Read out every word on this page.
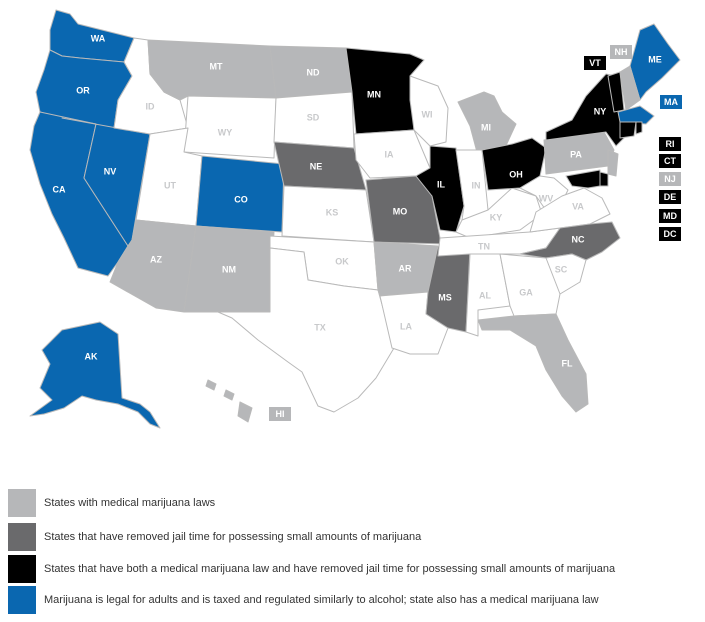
WA
OR
CA
NV
ID
MT
WY
UT
CO
AZ
NM
ND
SD
NE
KS
OK
TX
MN
IA
MO
AR
LA
WI
IL
MS
MI
IN
KY
TN
AL
OH
WV
VA
NC
SC
GA
FL
PA
NY
ME
AK
NH
VT
MA
RI
CT
NJ
DE
MD
DC
HI
States with medical marijuana laws
States that have removed jail time for possessing small amounts of marijuana
States that have both a medical marijuana law and have removed jail time for possessing small amounts of marijuana
Marijuana is legal for adults and is taxed and regulated similarly to alcohol; state also has a medical marijuana law
